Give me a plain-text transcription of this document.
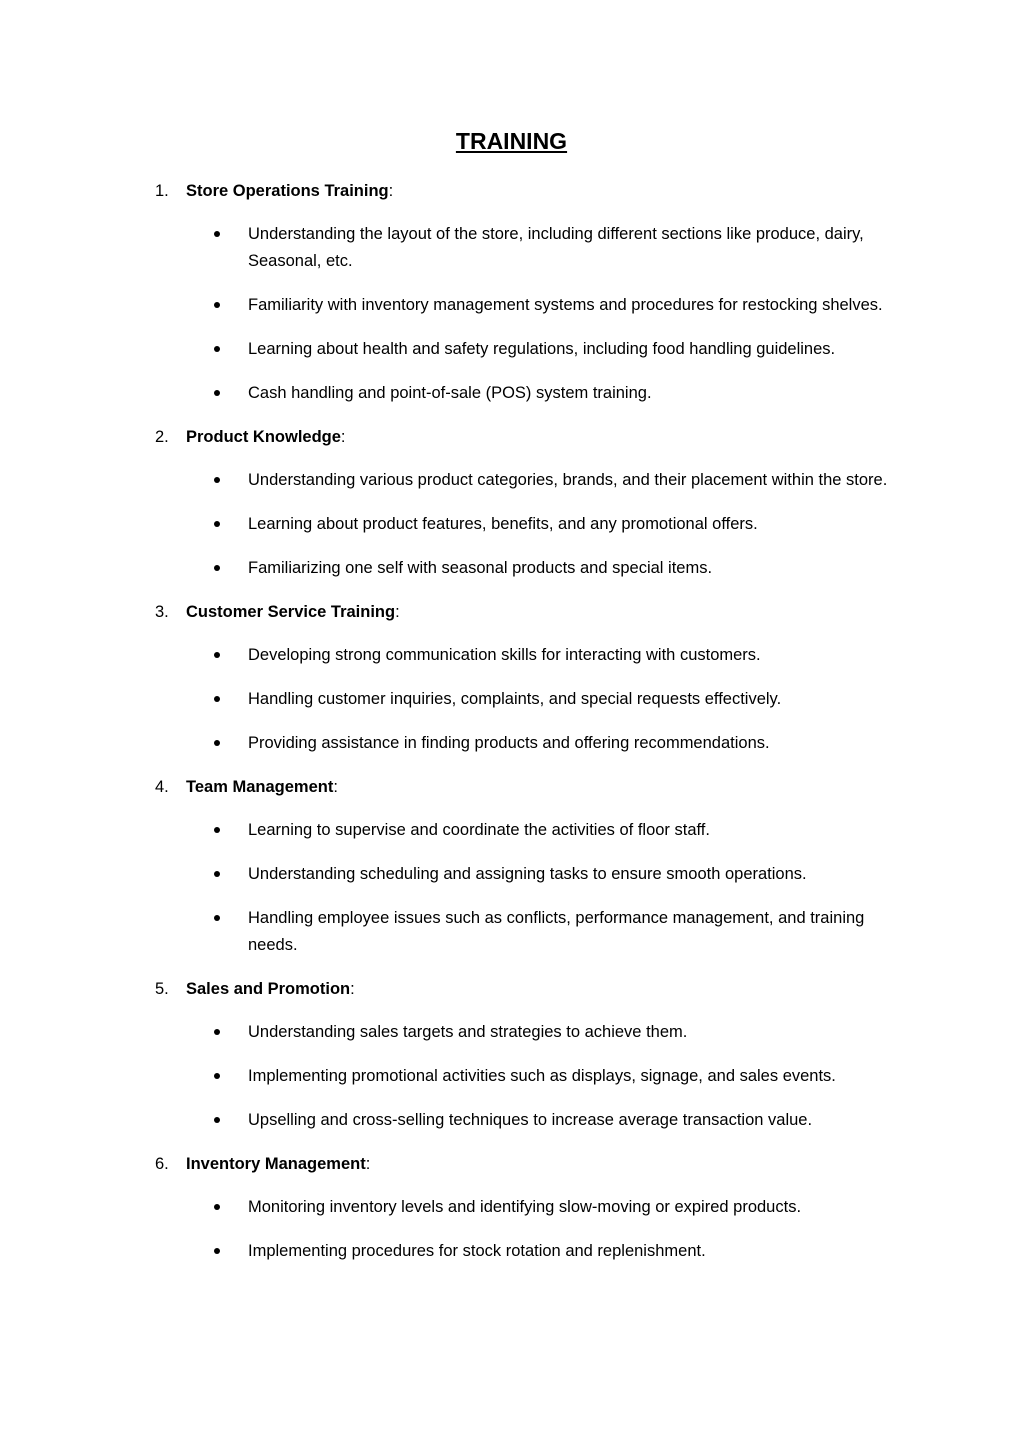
TRAINING
1. Store Operations Training:
Understanding the layout of the store, including different sections like produce, dairy, Seasonal, etc.
Familiarity with inventory management systems and procedures for restocking shelves.
Learning about health and safety regulations, including food handling guidelines.
Cash handling and point-of-sale (POS) system training.
2. Product Knowledge:
Understanding various product categories, brands, and their placement within the store.
Learning about product features, benefits, and any promotional offers.
Familiarizing one self with seasonal products and special items.
3. Customer Service Training:
Developing strong communication skills for interacting with customers.
Handling customer inquiries, complaints, and special requests effectively.
Providing assistance in finding products and offering recommendations.
4. Team Management:
Learning to supervise and coordinate the activities of floor staff.
Understanding scheduling and assigning tasks to ensure smooth operations.
Handling employee issues such as conflicts, performance management, and training needs.
5. Sales and Promotion:
Understanding sales targets and strategies to achieve them.
Implementing promotional activities such as displays, signage, and sales events.
Upselling and cross-selling techniques to increase average transaction value.
6. Inventory Management:
Monitoring inventory levels and identifying slow-moving or expired products.
Implementing procedures for stock rotation and replenishment.
